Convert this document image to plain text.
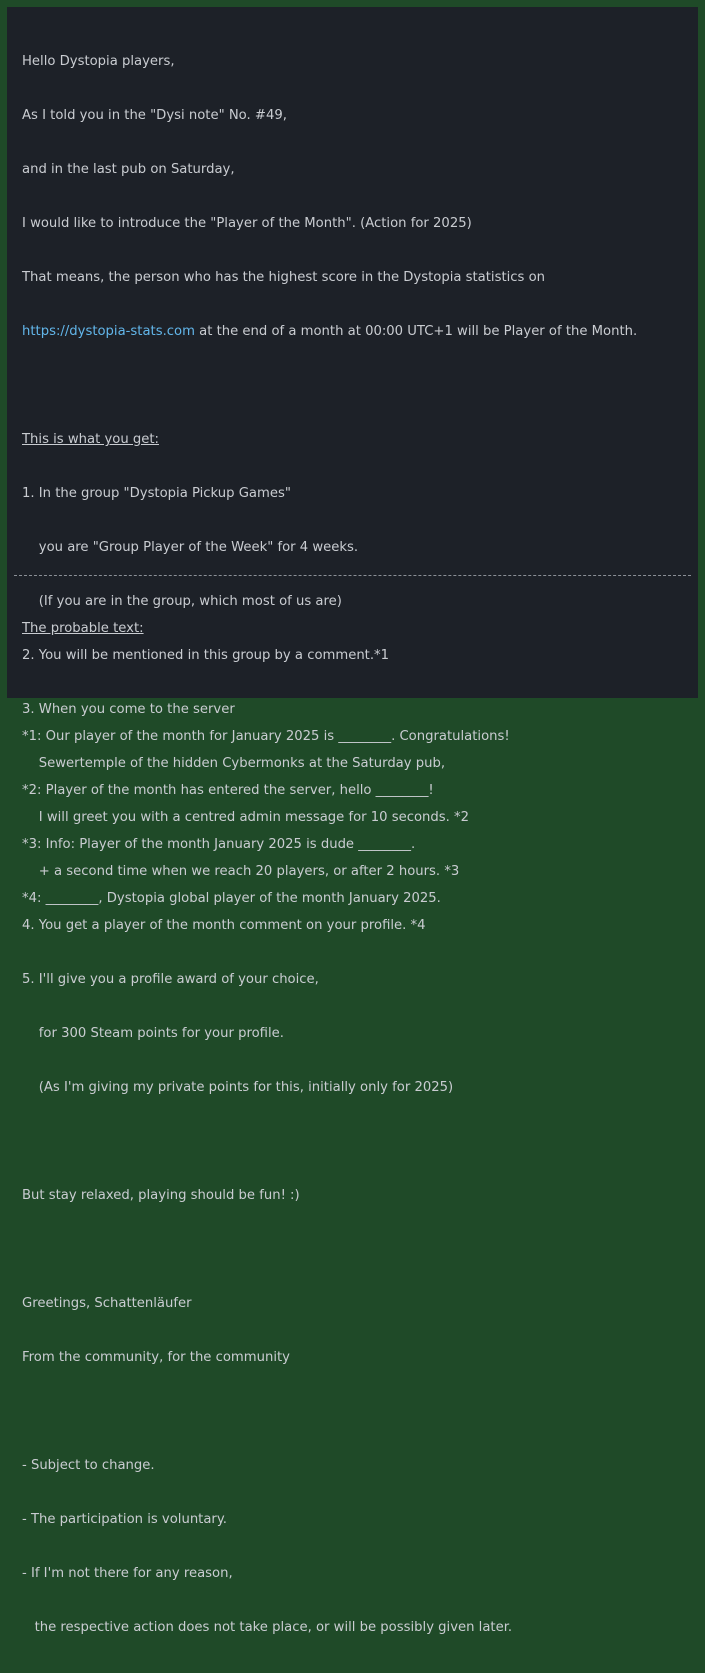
Hello Dystopia players,

As I told you in the "Dysi note" No. #49,

and in the last pub on Saturday,

I would like to introduce the "Player of the Month". (Action for 2025)

That means, the person who has the highest score in the Dystopia statistics on

https://dystopia-stats.com at the end of a month at 00:00 UTC+1 will be Player of the Month.

This is what you get:

1. In the group "Dystopia Pickup Games"

you are "Group Player of the Week" for 4 weeks.

(If you are in the group, which most of us are)

2. You will be mentioned in this group by a comment.*1

3. When you come to the server

Sewertemple of the hidden Cybermonks at the Saturday pub,

I will greet you with a centred admin message for 10 seconds. *2

+ a second time when we reach 20 players, or after 2 hours. *3

4. You get a player of the month comment on your profile. *4

5. I'll give you a profile award of your choice,

for 300 Steam points for your profile.

(As I'm giving my private points for this, initially only for 2025)

But stay relaxed, playing should be fun! :)

Greetings, Schattenläufer

From the community, for the community

- Subject to change.

- The participation is voluntary.

- If I'm not there for any reason,

the respective action does not take place, or will be possibly given later.

The probable text:

*1: Our player of the month for January 2025 is ________. Congratulations!

*2: Player of the month has entered the server, hello ________!

*3: Info: Player of the month January 2025 is dude ________.

*4: ________, Dystopia global player of the month January 2025.
